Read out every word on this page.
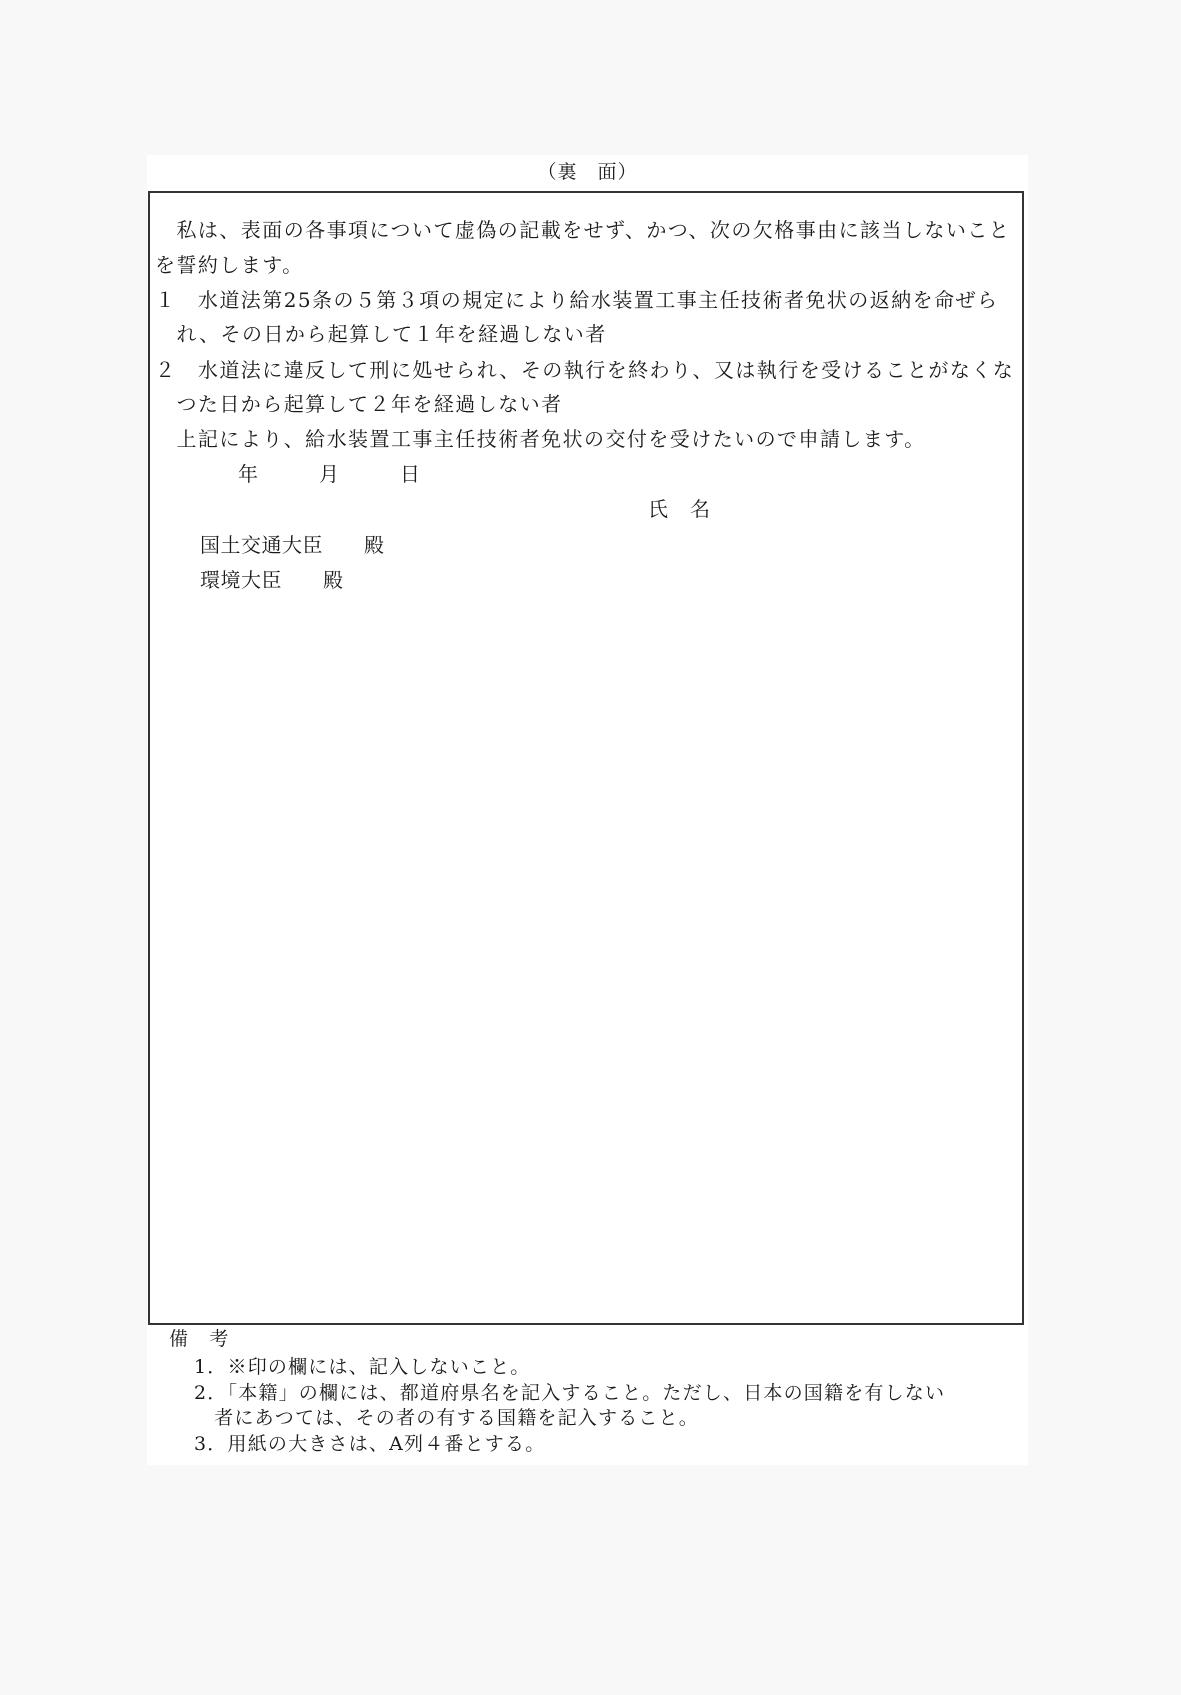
（裏　面）
　私は、表面の各事項について虚偽の記載をせず、かつ、次の欠格事由に該当しないこと
を誓約します。
１　水道法第25条の５第３項の規定により給水装置工事主任技術者免状の返納を命ぜら
　れ、その日から起算して１年を経過しない者
２　水道法に違反して刑に処せられ、その執行を終わり、又は執行を受けることがなくな
　つた日から起算して２年を経過しない者
　上記により、給水装置工事主任技術者免状の交付を受けたいので申請します。
年	月	日
氏　名
国土交通大臣　　殿
環境大臣　　殿
備　考
1．※印の欄には、記入しないこと。
2．「本籍」の欄には、都道府県名を記入すること。ただし、日本の国籍を有しない
　者にあつては、その者の有する国籍を記入すること。
3．用紙の大きさは、A列４番とする。
